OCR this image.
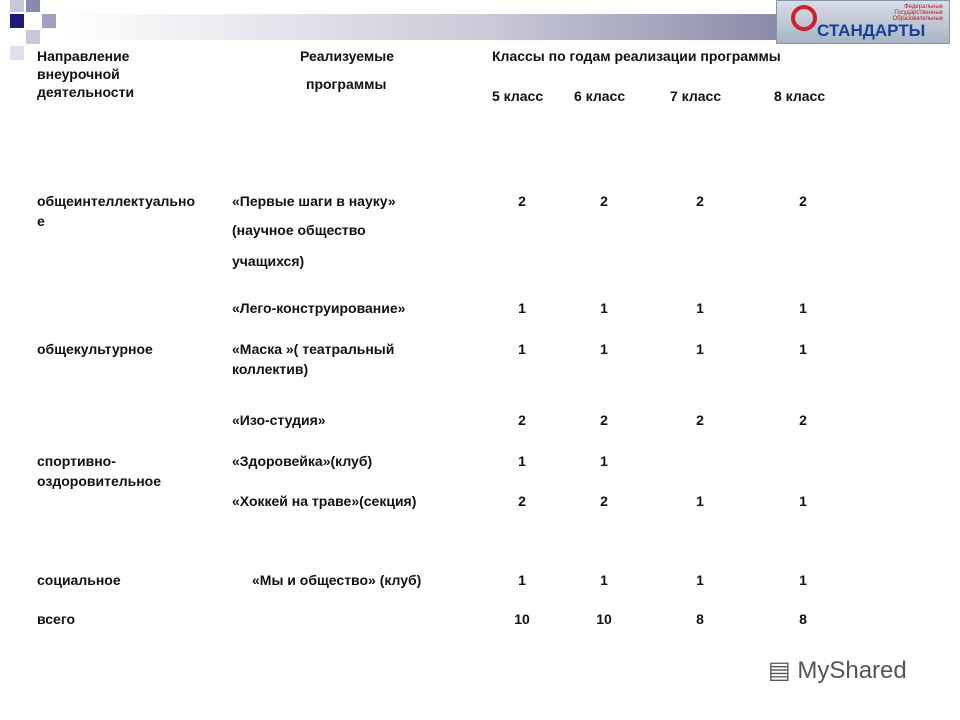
Федеральные
Государственные
Образовательные
СТАНДАРТЫ
Направление
внеурочной
деятельности
Реализуемые
программы
Классы по годам реализации программы
5 класс 6 класс	7 класс	8 класс
общеинтеллектуально
е
«Первые шаги в науку»
(научное общество
учащихся)
2	2	2	2
«Лего-конструирование»	1	1	1	1
общекультурное	«Маска »( театральный
коллектив)
1	1	1	1
«Изо-студия»	2	2	2	2
спортивно-
оздоровительное
«Здоровейка»(клуб)	1	1
«Хоккей на траве»(секция)	2	2	1	1
социальное	«Мы и общество» (клуб)	1	1	1	1
всего	10	10	8	8
▤ MyShared
